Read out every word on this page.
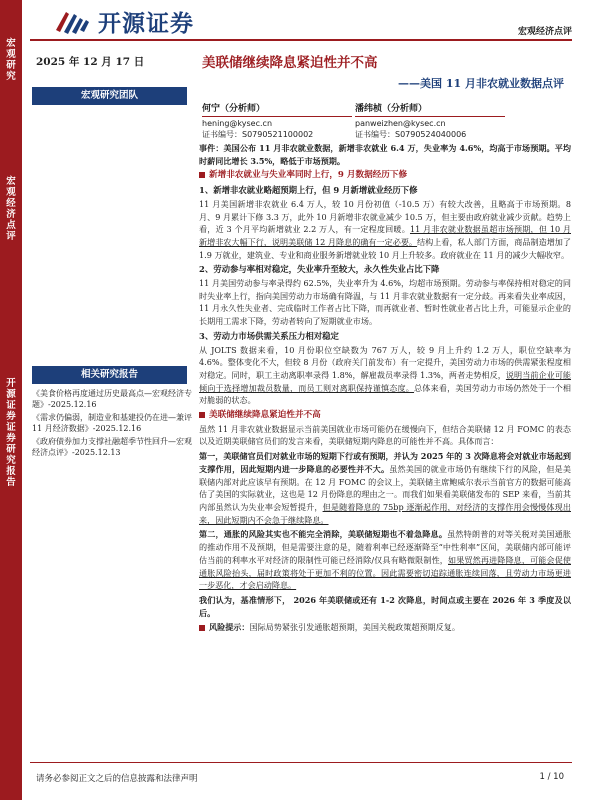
宏观研究
宏观经济点评
开源证券 证券研究报告
开源证券	宏观经济点评
2025 年 12 月 17 日	美联储继续降息紧迫性并不高
——美国 11 月非农就业数据点评
宏观研究团队
何宁（分析师）
hening@kysec.cn
证书编号：S0790521100002
潘纬桢（分析师）
panweizhen@kysec.cn
证书编号：S0790524040006

事件：美国公布 11 月非农就业数据，新增非农就业 6.4 万，失业率为 4.6%，均高于市场预期。平均时薪同比增长 3.5%，略低于市场预期。

新增非农就业与失业率同时上行，9 月数据经历下修
1、新增非农就业略超预期上行，但 9 月新增就业经历下修

11 月美国新增非农就业 6.4 万人，较 10 月份初值（-10.5 万）有较大改善，且略高于市场预期。8 月、9 月累计下修 3.3 万，此外 10 月新增非农就业减少 10.5 万，但主要由政府就业减少贡献。趋势上看，近 3 个月平均新增就业 2.2 万人，有一定程度回暖。11 月非农就业数据虽超市场预期，但 10 月新增非农大幅下行，说明美联储 12 月降息的确有一定必要。结构上看，私人部门方面，商品制造增加了 1.9 万就业，建筑业、专业和商业服务新增就业较 10 月上升较多。政府就业在 11 月的减少大幅收窄。

2、劳动参与率相对稳定，失业率升至较大，永久性失业占比下降

11 月美国劳动参与率录得约 62.5%，失业率升为 4.6%，均超市场预期。劳动参与率保持相对稳定的同时失业率上行，指向美国劳动力市场确有降温，与 11 月非农就业数据有一定分歧。再来看失业率成因，11 月永久性失业者、完成临时工作者占比下降，而再就业者、暂时性就业者占比上升，可能显示企业的长期用工需求下降，劳动者转向了短期就业市场。

3、劳动力市场供需关系压力相对稳定

从 JOLTS 数据来看，10 月份职位空缺数为 767 万人，较 9 月上升约 1.2 万人，职位空缺率为 4.6%。整体变化不大，但较 8 月份（政府关门前发布）有一定提升，美国劳动力市场的供需紧张程度相对稳定。同时，职工主动离职率录得 1.8%，解雇裁员率录得 1.3%，两者走势相反，说明当前企业可能倾向于选择增加裁员数量，而员工则对离职保持谨慎态度。总体来看，美国劳动力市场仍然处于一个相对脆弱的状态。

美联储继续降息紧迫性并不高

虽然 11 月非农就业数据显示当前美国就业市场可能仍在缓慢向下，但结合美联储 12 月 FOMC 的表态以及近期美联储官员们的发言来看，美联储短期内降息的可能性并不高。具体而言：

第一，美联储官员们对就业市场的短期下行或有预期，并认为 2025 年的 3 次降息将会对就业市场起到支撑作用，因此短期内进一步降息的必要性并不大。虽然美国的就业市场仍有继续下行的风险，但是美联储内部对此应该早有预期。在 12 月 FOMC 的会议上，美联储主席鲍威尔表示当前官方的数据可能高估了美国的实际就业，这也是 12 月份降息的理由之一。而我们如果看美联储发布的 SEP 来看，当前其内部虽然认为失业率会短暂提升，但是随着降息的 75bp 逐渐起作用，对经济的支撑作用会慢慢体现出来，因此短期内不会急于继续降息。

第二，通胀的风险其实也不能完全消除，美联储短期也不着急降息。虽然特朗普的对等关税对美国通胀的推动作用不及预期，但是需要注意的是，随着利率已经逐渐降至“中性利率”区间，美联储内部可能评估当前的利率水平对经济的限制性可能已经消除/仅具有略微限制性，如果贸然再进降降息，可能会促使通胀风险抬头，届时政策将处于更加不利的位置。因此需要密切追踪通胀连续回落，且劳动力市场更进一步恶化，才会启动降息。

我们认为，基准情形下， 2026 年美联储或还有 1-2 次降息，时间点或主要在 2026 年 3 季度及以后。

风险提示：国际局势紧张引发通胀超预期，美国关税政策超预期反复。

相关研究报告
《美食价格再度通过历史最高点—宏观经济专题》-2025.12.16
《需求仍偏弱，制造业和基建投仍在进—兼评 11 月经济数据》-2025.12.16
《政府债券加力支撑社融超季节性回升—宏观经济点评》-2025.12.13
请务必参阅正文之后的信息披露和法律声明	1 / 10
